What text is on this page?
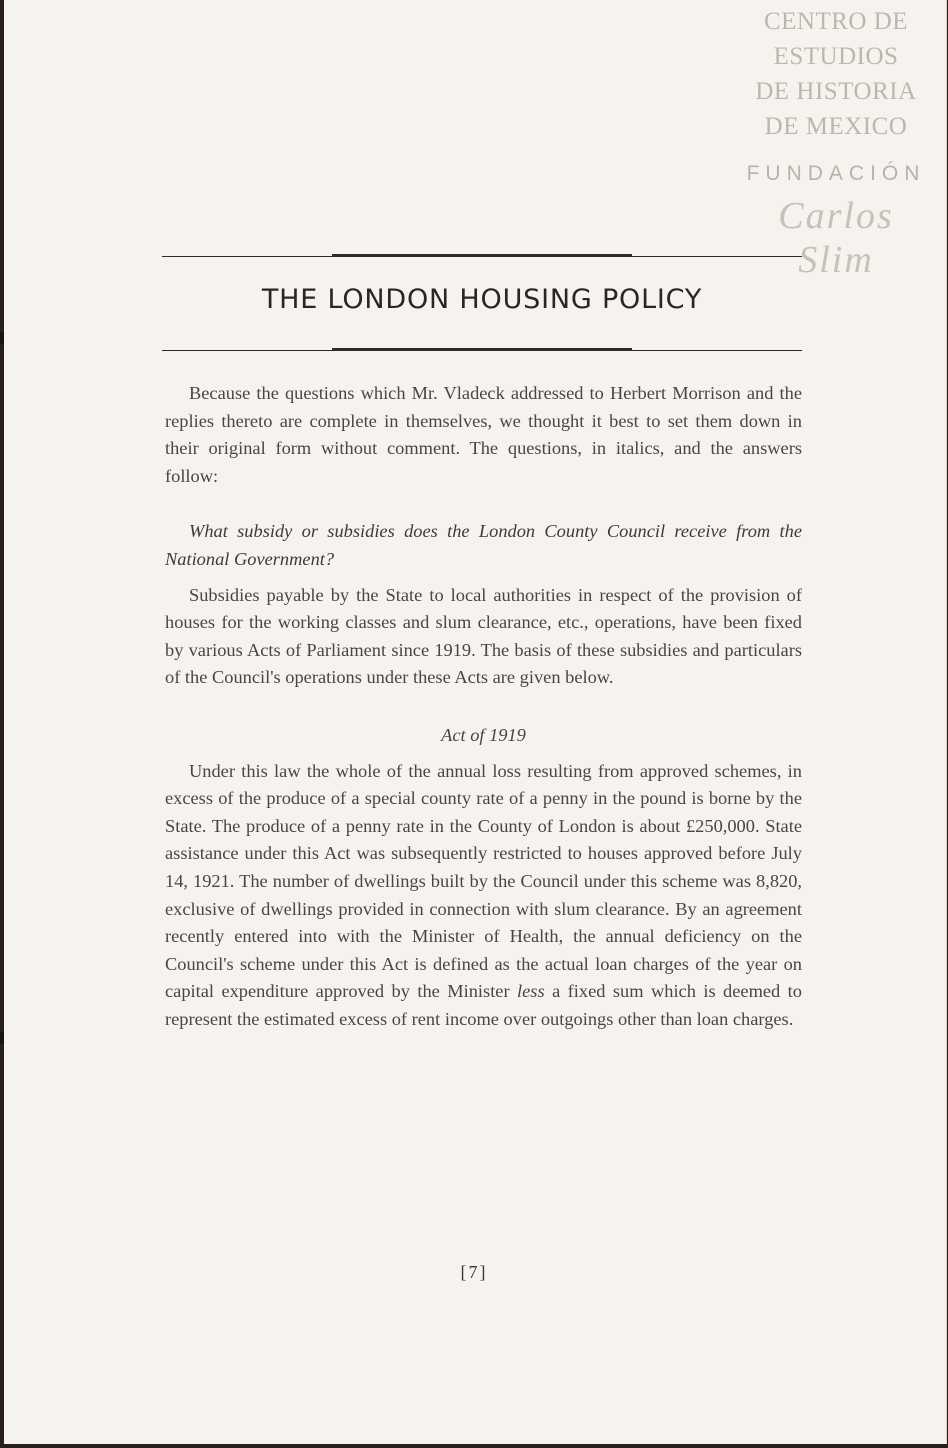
CENTRO DE
ESTUDIOS
DE HISTORIA
DE MEXICO
FUNDACIÓN
Carlos Slim
THE LONDON HOUSING POLICY

Because the questions which Mr. Vladeck addressed to Herbert Morrison and the replies thereto are complete in themselves, we thought it best to set them down in their original form without comment. The questions, in italics, and the answers follow:

What subsidy or subsidies does the London County Council receive from the National Government?

Subsidies payable by the State to local authorities in respect of the provision of houses for the working classes and slum clearance, etc., operations, have been fixed by various Acts of Parliament since 1919. The basis of these subsidies and particulars of the Council's operations under these Acts are given below.

Act of 1919

Under this law the whole of the annual loss resulting from approved schemes, in excess of the produce of a special county rate of a penny in the pound is borne by the State. The produce of a penny rate in the County of London is about £250,000. State assistance under this Act was subsequently restricted to houses approved before July 14, 1921. The number of dwellings built by the Council under this scheme was 8,820, exclusive of dwellings provided in connection with slum clearance. By an agreement recently entered into with the Minister of Health, the annual deficiency on the Council's scheme under this Act is defined as the actual loan charges of the year on capital expenditure approved by the Minister less a fixed sum which is deemed to represent the estimated excess of rent income over outgoings other than loan charges.

[7]
